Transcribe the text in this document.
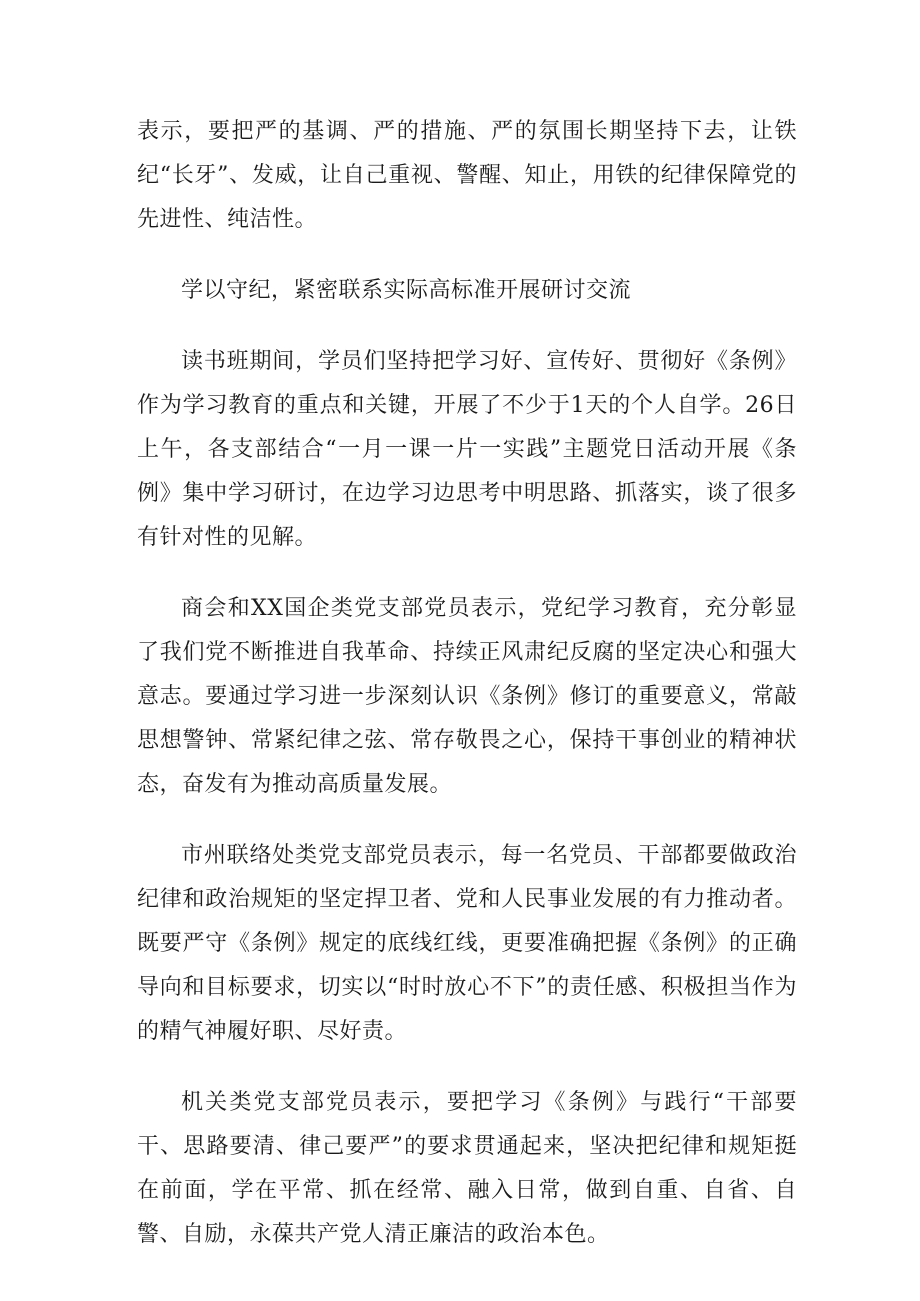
表示，要把严的基调、严的措施、严的氛围长期坚持下去，让铁纪“长牙”、发威，让自己重视、警醒、知止，用铁的纪律保障党的先进性、纯洁性。

学以守纪，紧密联系实际高标准开展研讨交流

读书班期间，学员们坚持把学习好、宣传好、贯彻好《条例》作为学习教育的重点和关键，开展了不少于1天的个人自学。26日上午，各支部结合“一月一课一片一实践”主题党日活动开展《条例》集中学习研讨，在边学习边思考中明思路、抓落实，谈了很多有针对性的见解。

商会和XX国企类党支部党员表示，党纪学习教育，充分彰显了我们党不断推进自我革命、持续正风肃纪反腐的坚定决心和强大意志。要通过学习进一步深刻认识《条例》修订的重要意义，常敲思想警钟、常紧纪律之弦、常存敬畏之心，保持干事创业的精神状态，奋发有为推动高质量发展。

市州联络处类党支部党员表示，每一名党员、干部都要做政治纪律和政治规矩的坚定捍卫者、党和人民事业发展的有力推动者。既要严守《条例》规定的底线红线，更要准确把握《条例》的正确导向和目标要求，切实以“时时放心不下”的责任感、积极担当作为的精气神履好职、尽好责。

机关类党支部党员表示，要把学习《条例》与践行“干部要干、思路要清、律己要严”的要求贯通起来，坚决把纪律和规矩挺在前面，学在平常、抓在经常、融入日常，做到自重、自省、自警、自励，永葆共产党人清正廉洁的政治本色。
